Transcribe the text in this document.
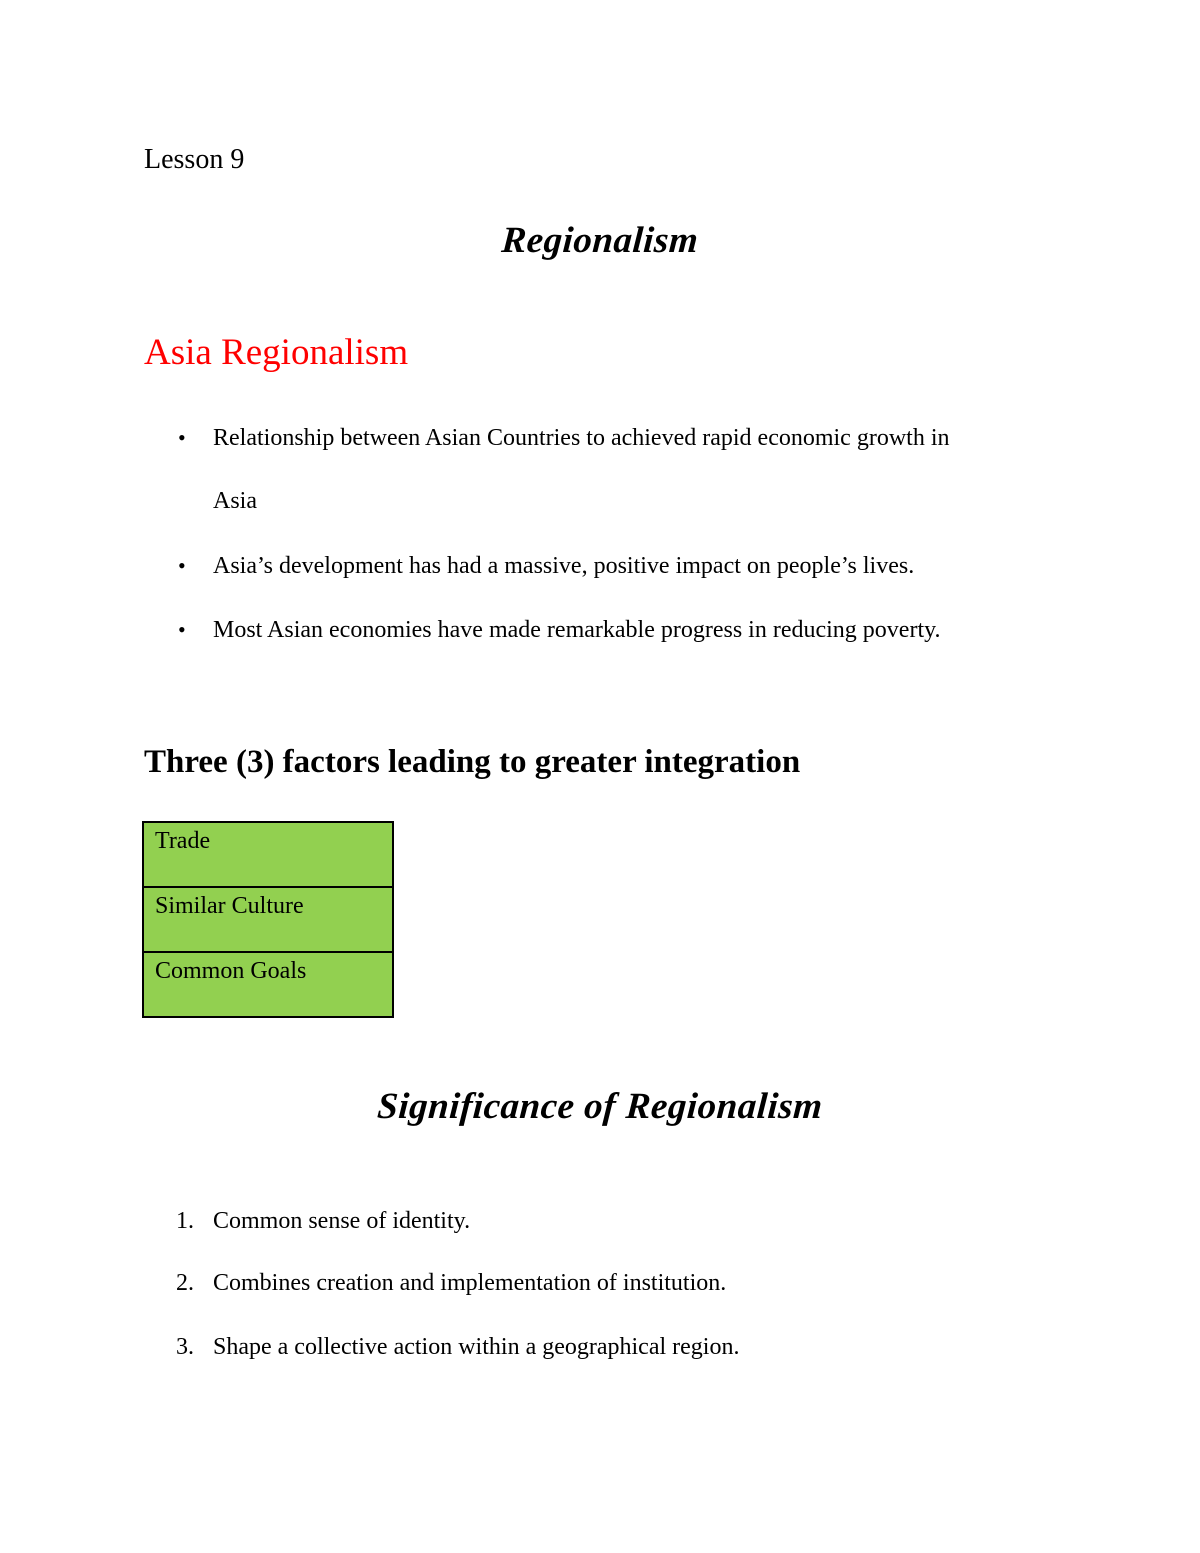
Lesson 9
Regionalism
Asia Regionalism
• Relationship between Asian Countries to achieved rapid economic growth in
Asia
• Asia’s development has had a massive, positive impact on people’s lives.
• Most Asian economies have made remarkable progress in reducing poverty.
Three (3) factors leading to greater integration
Trade
Similar Culture
Common Goals
Significance of Regionalism
1. Common sense of identity.
2. Combines creation and implementation of institution.
3. Shape a collective action within a geographical region.
